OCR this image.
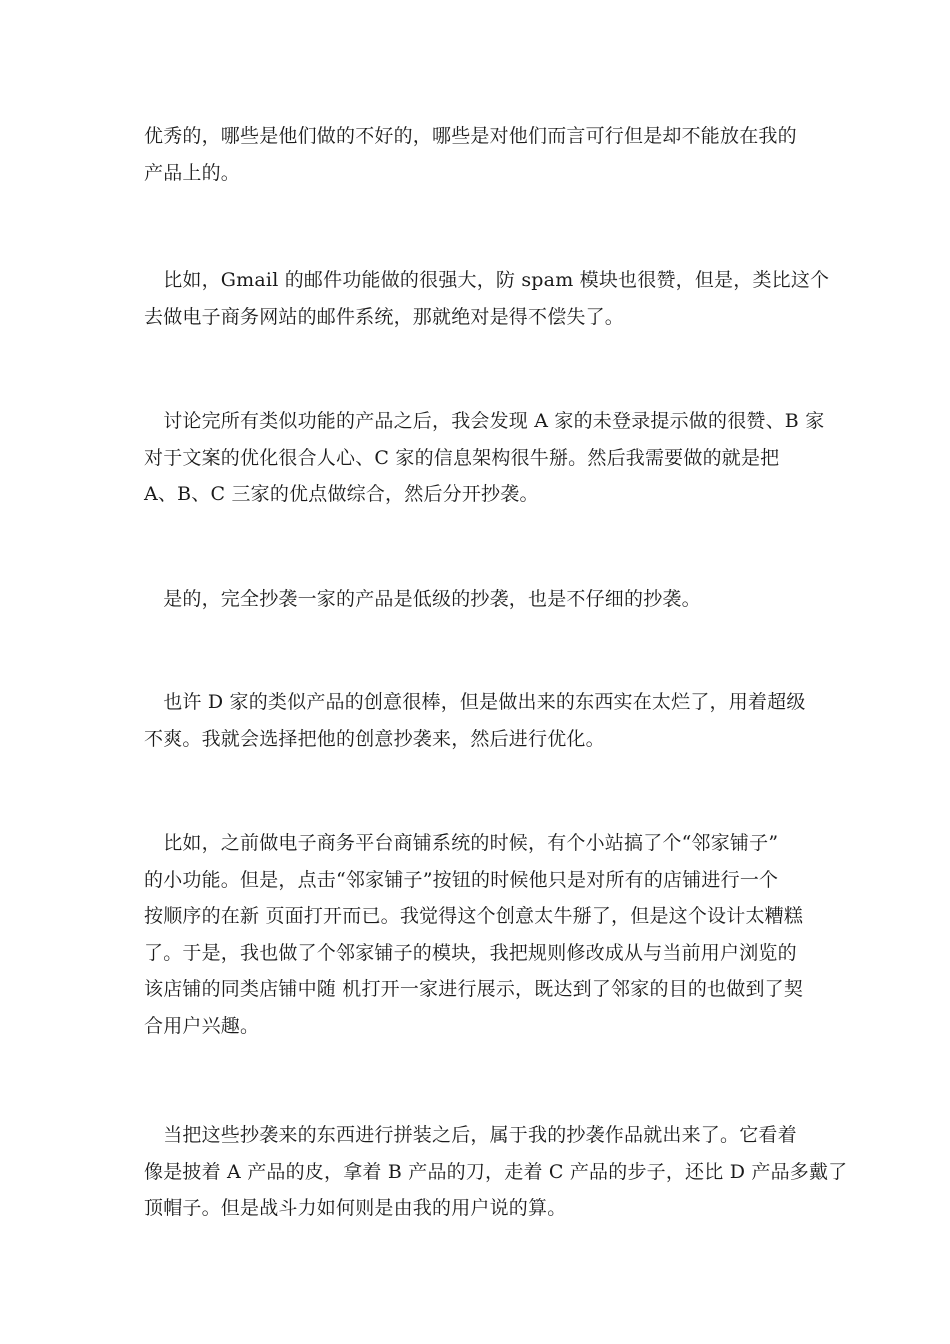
优秀的，哪些是他们做的不好的，哪些是对他们而言可行但是却不能放在我的
产品上的。

　比如，Gmail 的邮件功能做的很强大，防 spam 模块也很赞，但是，类比这个
去做电子商务网站的邮件系统，那就绝对是得不偿失了。

　讨论完所有类似功能的产品之后，我会发现 A 家的未登录提示做的很赞、B 家
对于文案的优化很合人心、C 家的信息架构很牛掰。然后我需要做的就是把
A、B、C 三家的优点做综合，然后分开抄袭。

　是的，完全抄袭一家的产品是低级的抄袭，也是不仔细的抄袭。

　也许 D 家的类似产品的创意很棒，但是做出来的东西实在太烂了，用着超级
不爽。我就会选择把他的创意抄袭来，然后进行优化。

　比如，之前做电子商务平台商铺系统的时候，有个小站搞了个“邻家铺子”
的小功能。但是，点击“邻家铺子”按钮的时候他只是对所有的店铺进行一个
按顺序的在新 页面打开而已。我觉得这个创意太牛掰了，但是这个设计太糟糕
了。于是，我也做了个邻家铺子的模块，我把规则修改成从与当前用户浏览的
该店铺的同类店铺中随 机打开一家进行展示，既达到了邻家的目的也做到了契
合用户兴趣。

　当把这些抄袭来的东西进行拼装之后，属于我的抄袭作品就出来了。它看着
像是披着 A 产品的皮，拿着 B 产品的刀，走着 C 产品的步子，还比 D 产品多戴了
顶帽子。但是战斗力如何则是由我的用户说的算。
